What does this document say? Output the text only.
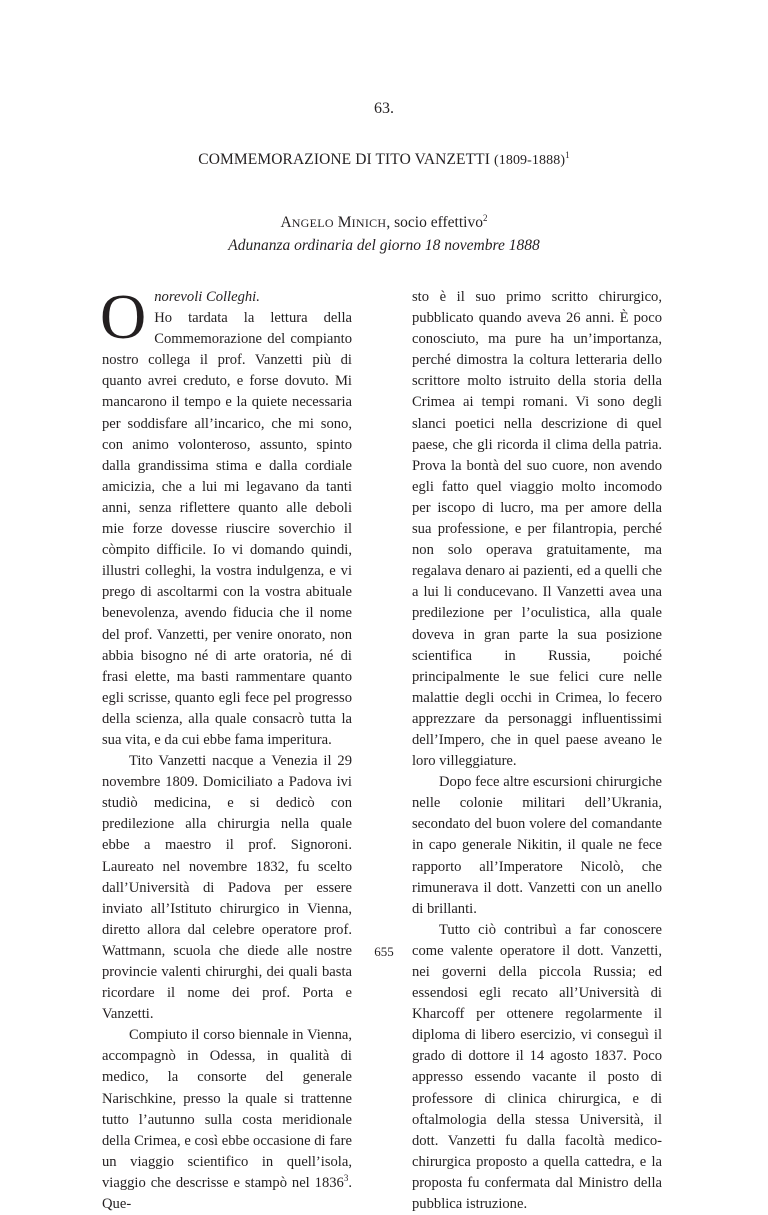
63.
COMMEMORAZIONE DI TITO VANZETTI (1809-1888)$^1$
ANGELO MINICH, socio effettivo$^2$
Adunanza ordinaria del giorno 18 novembre 1888

Onorevoli Colleghi.
Ho tardata la lettura della Commemorazione del compianto nostro collega il prof. Vanzetti più di quanto avrei creduto, e forse dovuto. Mi mancarono il tempo e la quiete necessaria per soddisfare all’incarico, che mi sono, con animo volonteroso, assunto, spinto dalla grandissima stima e dalla cordiale amicizia, che a lui mi legavano da tanti anni, senza riflettere quanto alle deboli mie forze dovesse riuscire soverchio il còmpito difficile. Io vi domando quindi, illustri colleghi, la vostra indulgenza, e vi prego di ascoltarmi con la vostra abituale benevolenza, avendo fiducia che il nome del prof. Vanzetti, per venire onorato, non abbia bisogno né di arte oratoria, né di frasi elette, ma basti rammentare quanto egli scrisse, quanto egli fece pel progresso della scienza, alla quale consacrò tutta la sua vita, e da cui ebbe fama imperitura.

Tito Vanzetti nacque a Venezia il 29 novembre 1809. Domiciliato a Padova ivi studiò medicina, e si dedicò con predilezione alla chirurgia nella quale ebbe a maestro il prof. Signoroni. Laureato nel novembre 1832, fu scelto dall’Università di Padova per essere inviato all’Istituto chirurgico in Vienna, diretto allora dal celebre operatore prof. Wattmann, scuola che diede alle nostre provincie valenti chirurghi, dei quali basta ricordare il nome dei prof. Porta e Vanzetti.

Compiuto il corso biennale in Vienna, accompagnò in Odessa, in qualità di medico, la consorte del generale Narischkine, presso la quale si trattenne tutto l’autunno sulla costa meridionale della Crimea, e così ebbe occasione di fare un viaggio scientifico in quell’isola, viaggio che descrisse e stampò nel 1836$^3$. Que-

sto è il suo primo scritto chirurgico, pubblicato quando aveva 26 anni. È poco conosciuto, ma pure ha un’importanza, perché dimostra la coltura letteraria dello scrittore molto istruito della storia della Crimea ai tempi romani. Vi sono degli slanci poetici nella descrizione di quel paese, che gli ricorda il clima della patria. Prova la bontà del suo cuore, non avendo egli fatto quel viaggio molto incomodo per iscopo di lucro, ma per amore della sua professione, e per filantropia, perché non solo operava gratuitamente, ma regalava denaro ai pazienti, ed a quelli che a lui li conducevano. Il Vanzetti avea una predilezione per l’oculistica, alla quale doveva in gran parte la sua posizione scientifica in Russia, poiché principalmente le sue felici cure nelle malattie degli occhi in Crimea, lo fecero apprezzare da personaggi influentissimi dell’Impero, che in quel paese aveano le loro villeggiature.

Dopo fece altre escursioni chirurgiche nelle colonie militari dell’Ukrania, secondato del buon volere del comandante in capo generale Nikitin, il quale ne fece rapporto all’Imperatore Nicolò, che rimunerava il dott. Vanzetti con un anello di brillanti.

Tutto ciò contribuì a far conoscere come valente operatore il dott. Vanzetti, nei governi della piccola Russia; ed essendosi egli recato all’Università di Kharcoff per ottenere regolarmente il diploma di libero esercizio, vi conseguì il grado di dottore il 14 agosto 1837. Poco appresso essendo vacante il posto di professore di clinica chirurgica, e di oftalmologia della stessa Università, il dott. Vanzetti fu dalla facoltà medico-chirurgica proposto a quella cattedra, e la proposta fu confermata dal Ministro della pubblica istruzione.

655
